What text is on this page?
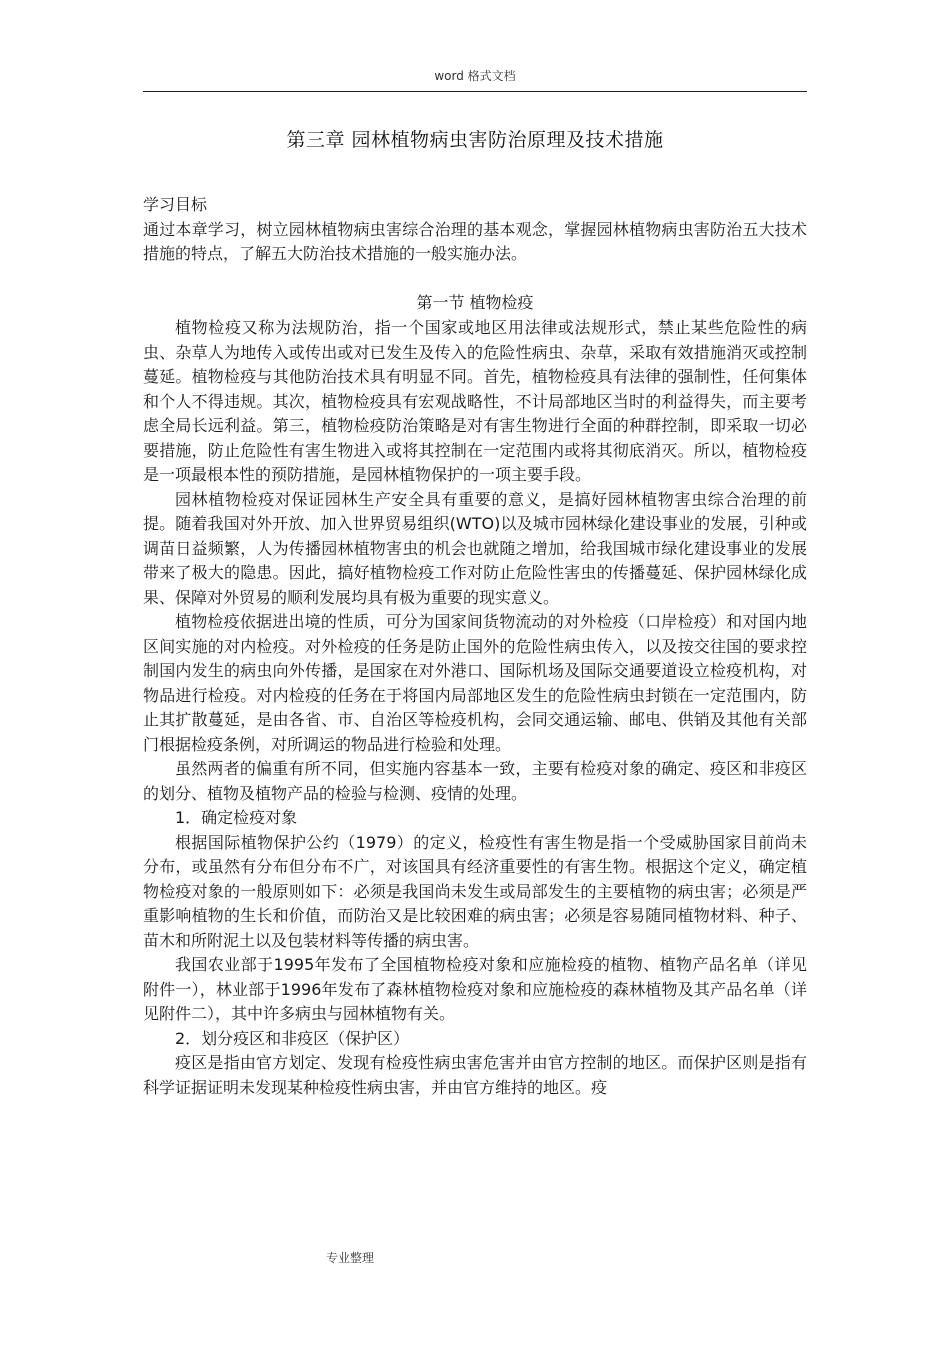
word 格式文档
第三章 园林植物病虫害防治原理及技术措施

学习目标

通过本章学习，树立园林植物病虫害综合治理的基本观念，掌握园林植物病虫害防治五大技术措施的特点，了解五大防治技术措施的一般实施办法。

第一节 植物检疫

植物检疫又称为法规防治，指一个国家或地区用法律或法规形式，禁止某些危险性的病虫、杂草人为地传入或传出或对已发生及传入的危险性病虫、杂草，采取有效措施消灭或控制蔓延。植物检疫与其他防治技术具有明显不同。首先，植物检疫具有法律的强制性，任何集体和个人不得违规。其次，植物检疫具有宏观战略性，不计局部地区当时的利益得失，而主要考虑全局长远利益。第三，植物检疫防治策略是对有害生物进行全面的种群控制，即采取一切必要措施，防止危险性有害生物进入或将其控制在一定范围内或将其彻底消灭。所以，植物检疫是一项最根本性的预防措施，是园林植物保护的一项主要手段。

园林植物检疫对保证园林生产安全具有重要的意义，是搞好园林植物害虫综合治理的前提。随着我国对外开放、加入世界贸易组织(WTO)以及城市园林绿化建设事业的发展，引种或调苗日益频繁，人为传播园林植物害虫的机会也就随之增加，给我国城市绿化建设事业的发展带来了极大的隐患。因此，搞好植物检疫工作对防止危险性害虫的传播蔓延、保护园林绿化成果、保障对外贸易的顺利发展均具有极为重要的现实意义。

植物检疫依据进出境的性质，可分为国家间货物流动的对外检疫（口岸检疫）和对国内地区间实施的对内检疫。对外检疫的任务是防止国外的危险性病虫传入，以及按交往国的要求控制国内发生的病虫向外传播，是国家在对外港口、国际机场及国际交通要道设立检疫机构，对物品进行检疫。对内检疫的任务在于将国内局部地区发生的危险性病虫封锁在一定范围内，防止其扩散蔓延，是由各省、市、自治区等检疫机构，会同交通运输、邮电、供销及其他有关部门根据检疫条例，对所调运的物品进行检验和处理。

虽然两者的偏重有所不同，但实施内容基本一致，主要有检疫对象的确定、疫区和非疫区的划分、植物及植物产品的检验与检测、疫情的处理。

1．确定检疫对象

根据国际植物保护公约（1979）的定义，检疫性有害生物是指一个受威胁国家目前尚未分布，或虽然有分布但分布不广，对该国具有经济重要性的有害生物。根据这个定义，确定植物检疫对象的一般原则如下：必须是我国尚未发生或局部发生的主要植物的病虫害；必须是严重影响植物的生长和价值，而防治又是比较困难的病虫害；必须是容易随同植物材料、种子、苗木和所附泥土以及包装材料等传播的病虫害。

我国农业部于1995年发布了全国植物检疫对象和应施检疫的植物、植物产品名单（详见附件一），林业部于1996年发布了森林植物检疫对象和应施检疫的森林植物及其产品名单（详见附件二），其中许多病虫与园林植物有关。

2．划分疫区和非疫区（保护区）

疫区是指由官方划定、发现有检疫性病虫害危害并由官方控制的地区。而保护区则是指有科学证据证明未发现某种检疫性病虫害，并由官方维持的地区。疫

专业整理
